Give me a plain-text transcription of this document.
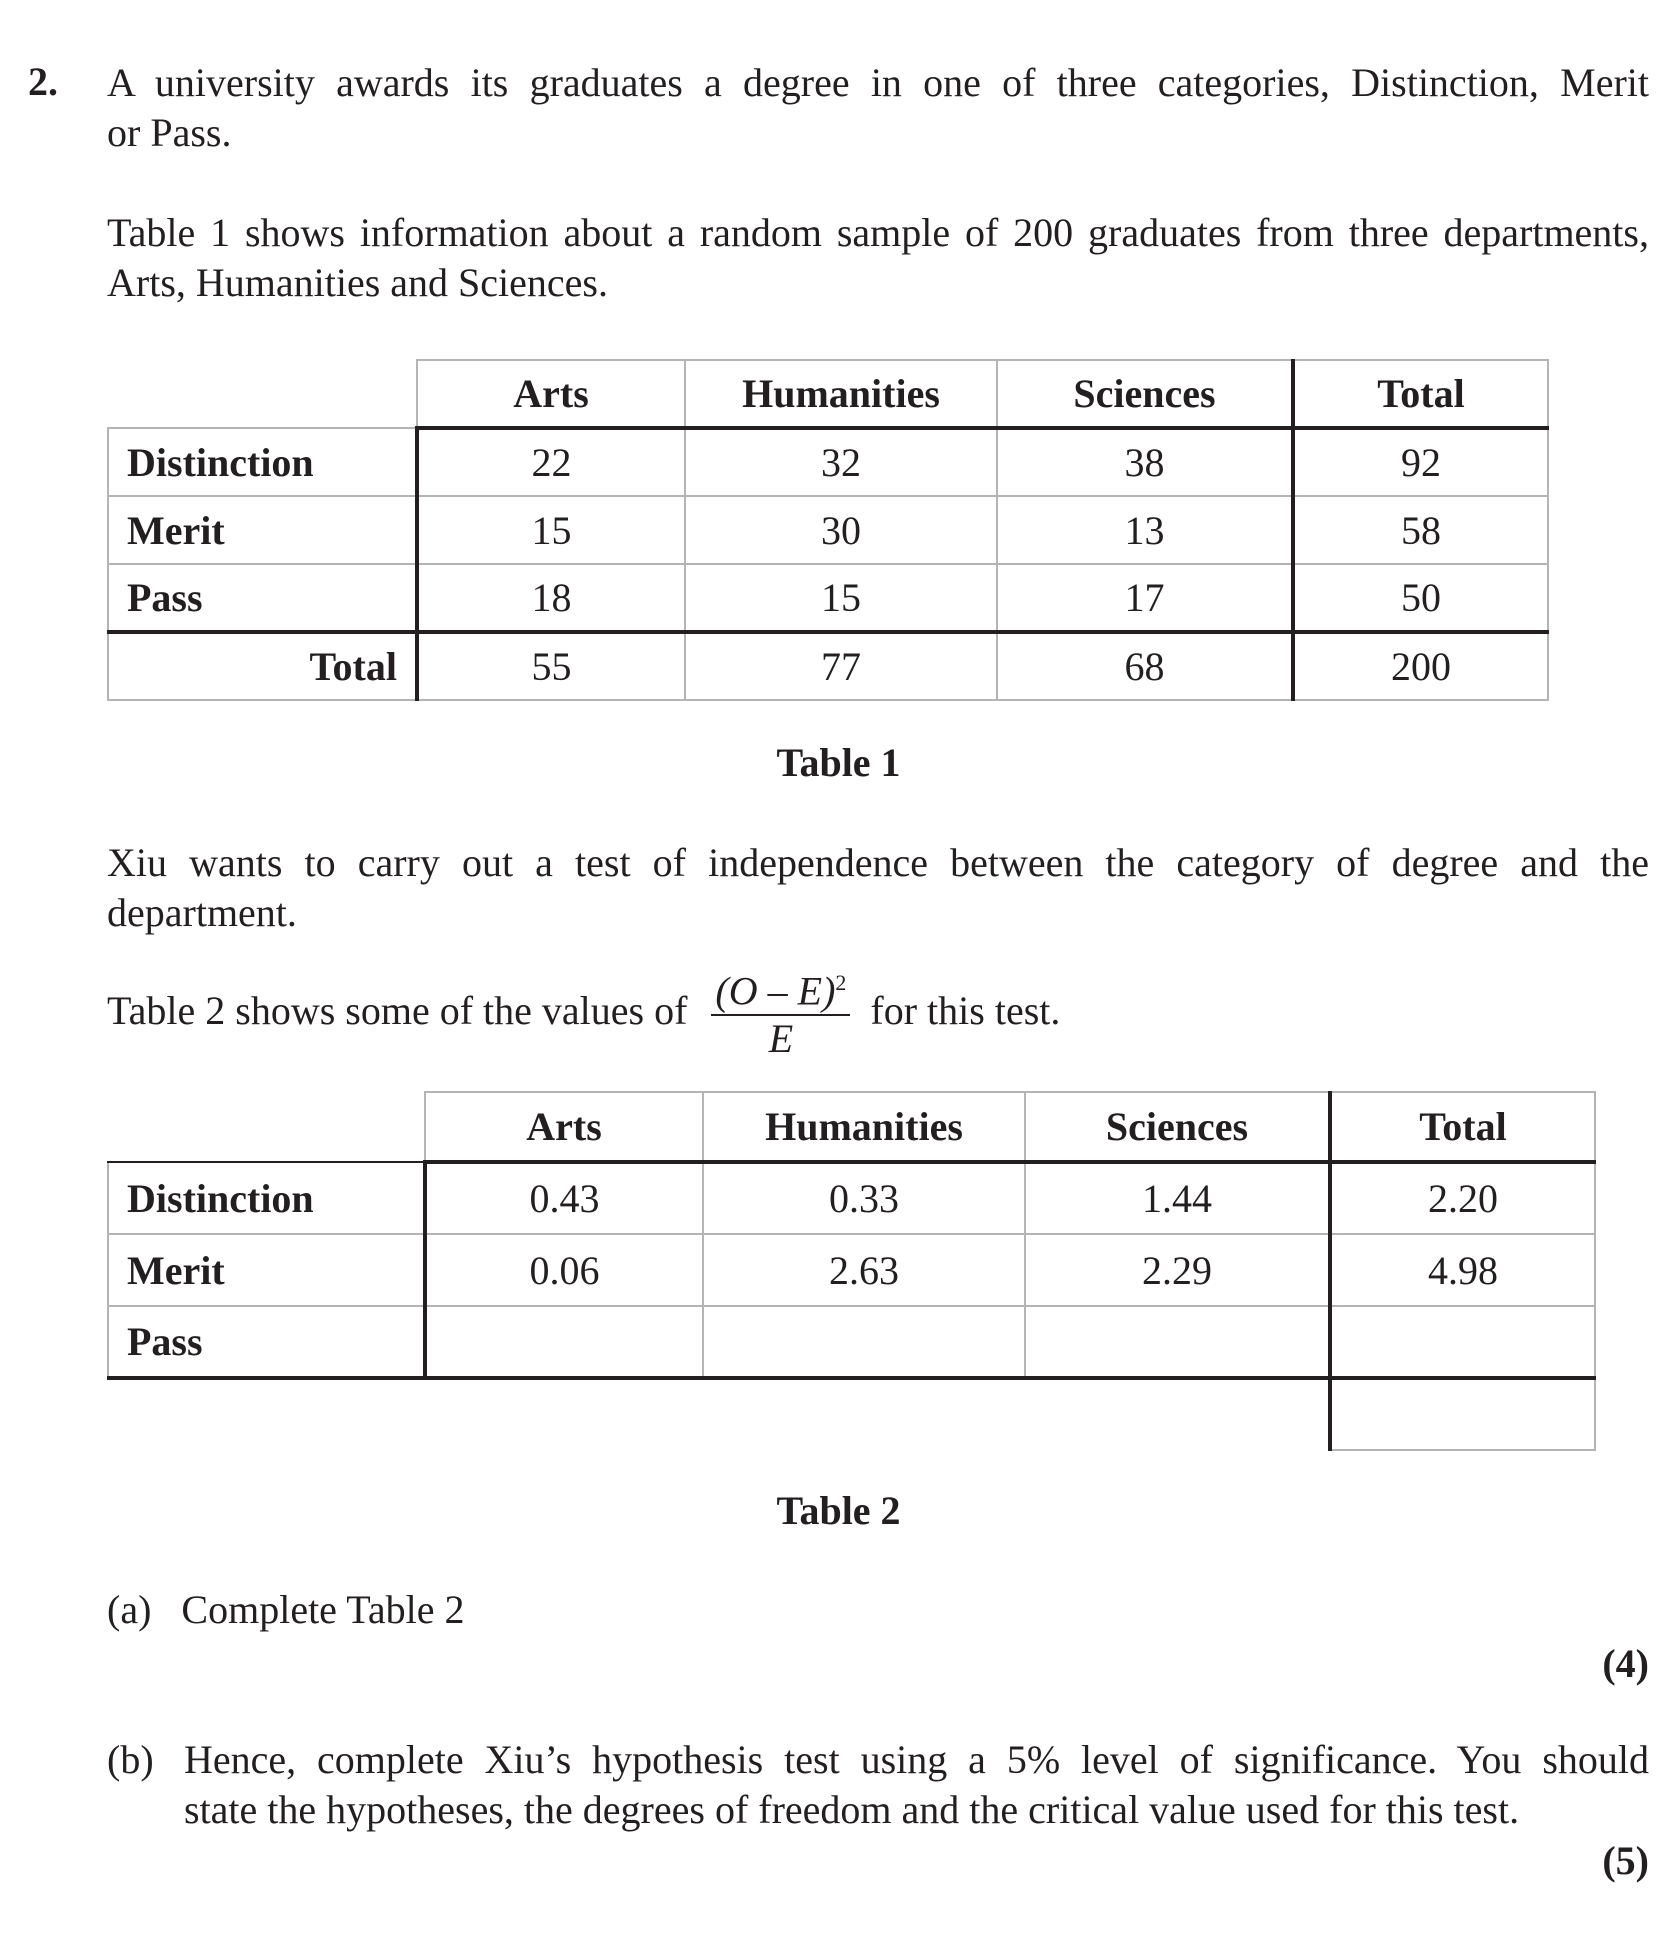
2. A university awards its graduates a degree in one of three categories, Distinction, Merit
or Pass.
Table 1 shows information about a random sample of 200 graduates from three departments,
Arts, Humanities and Sciences.
	Arts	Humanities	Sciences	Total
Distinction	22	32	38	92
Merit	15	30	13	58
Pass	18	15	17	50
Total	55	77	68	200
Table 1
Xiu wants to carry out a test of independence between the category of degree and the
department.
Table 2 shows some of the values of $\frac{(O - E)^2}{E}$ for this test.
	Arts	Humanities	Sciences	Total
Distinction	0.43	0.33	1.44	2.20
Merit	0.06	2.63	2.29	4.98
Pass				

Table 2
(a) Complete Table 2
(4)
(b) Hence, complete Xiu’s hypothesis test using a 5% level of significance. You should
state the hypotheses, the degrees of freedom and the critical value used for this test.
(5)
